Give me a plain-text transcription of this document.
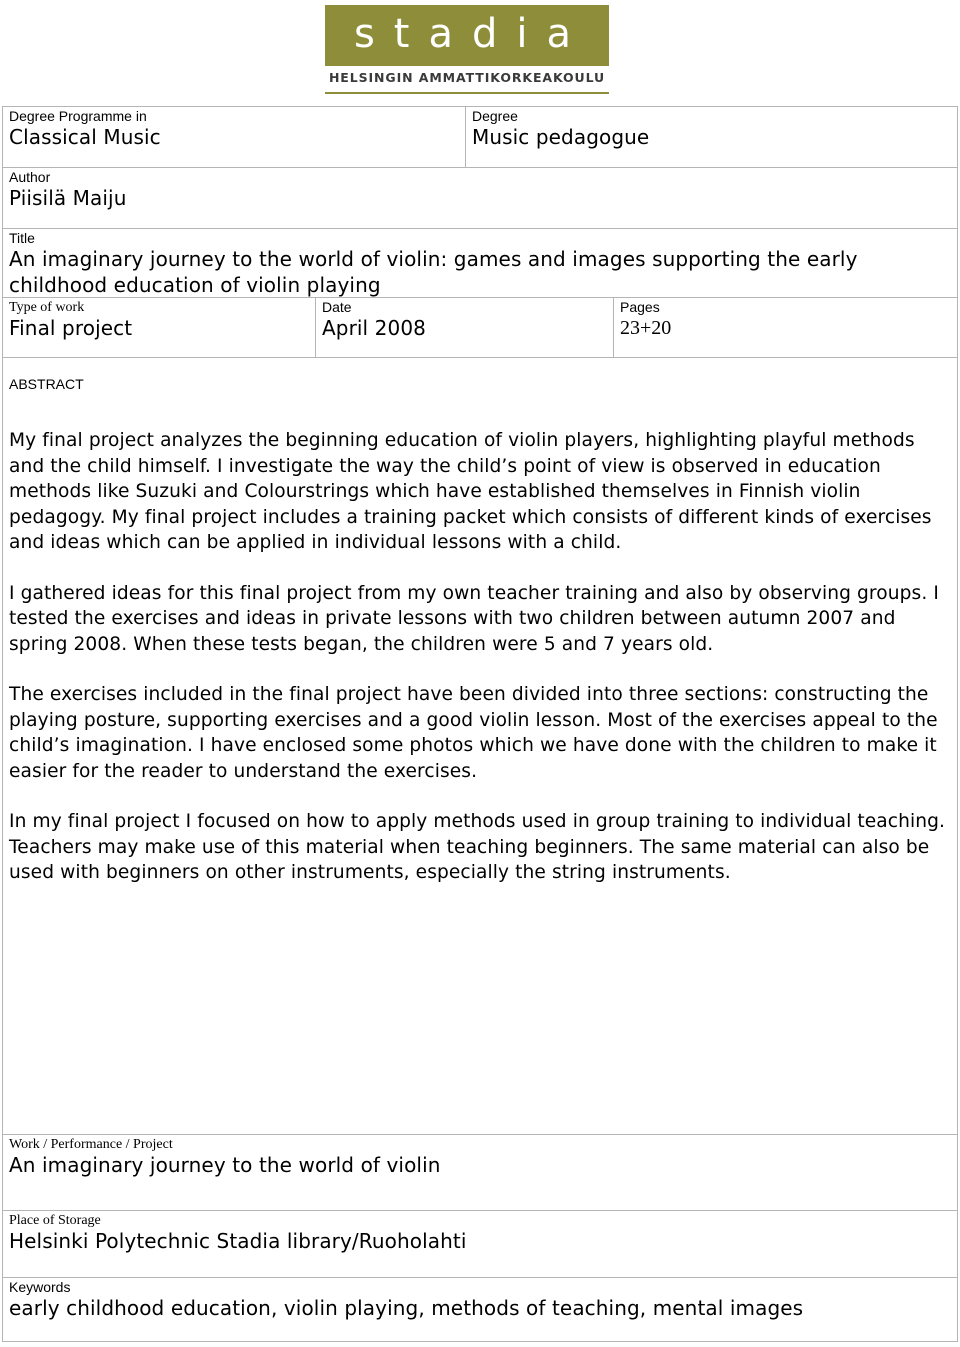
stadia
HELSINGIN AMMATTIKORKEAKOULU
Degree Programme in
Classical Music
Degree
Music pedagogue
Author
Piisilä Maiju
Title
An imaginary journey to the world of violin: games and images supporting the early
childhood education of violin playing
Type of work
Final project
Date
April 2008
Pages
23+20
ABSTRACT

My final project analyzes the beginning education of violin players, highlighting playful methods and the child himself. I investigate the way the child’s point of view is observed in education methods like Suzuki and Colourstrings which have established themselves in Finnish violin pedagogy. My final project includes a training packet which consists of different kinds of exercises and ideas which can be applied in individual lessons with a child.

I gathered ideas for this final project from my own teacher training and also by observing groups. I tested the exercises and ideas in private lessons with two children between autumn 2007 and spring 2008. When these tests began, the children were 5 and 7 years old.

The exercises included in the final project have been divided into three sections: constructing the playing posture, supporting exercises and a good violin lesson. Most of the exercises appeal to the child’s imagination. I have enclosed some photos which we have done with the children to make it easier for the reader to understand the exercises.

In my final project I focused on how to apply methods used in group training to individual teaching. Teachers may make use of this material when teaching beginners. The same material can also be used with beginners on other instruments, especially the string instruments.

Work / Performance / Project
An imaginary journey to the world of violin
Place of Storage
Helsinki Polytechnic Stadia library/Ruoholahti
Keywords
early childhood education, violin playing, methods of teaching, mental images
